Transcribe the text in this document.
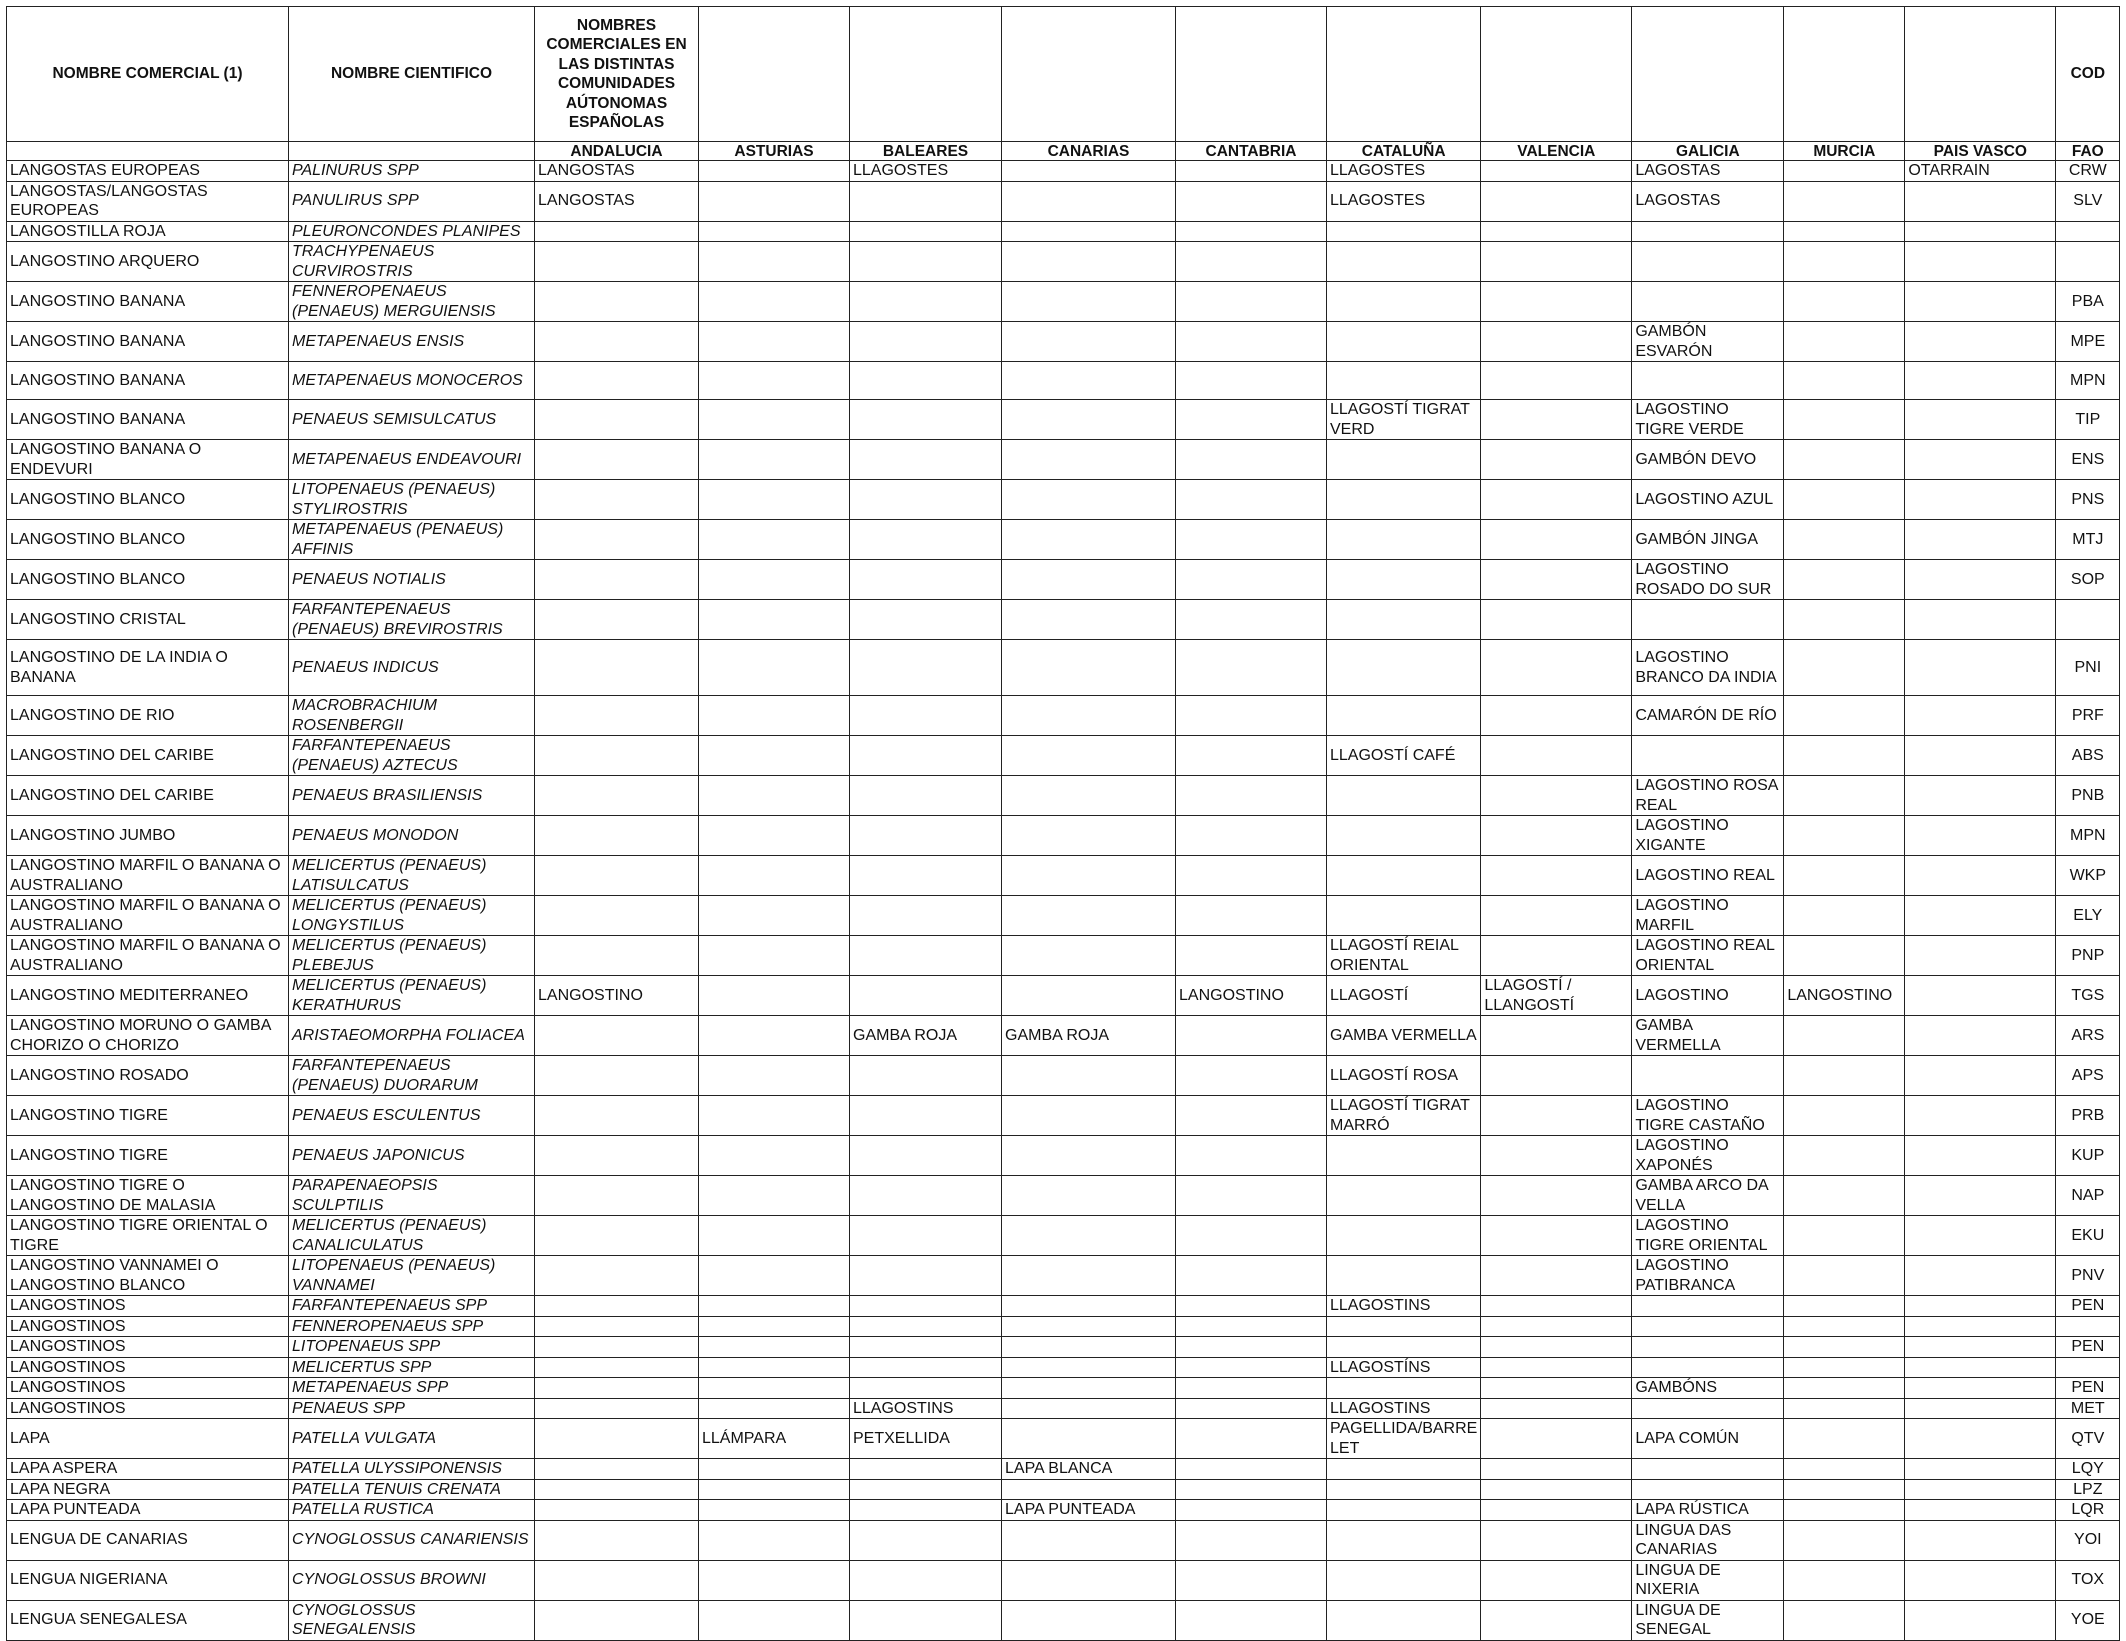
NOMBRE COMERCIAL (1)	NOMBRE CIENTIFICO	NOMBRES COMERCIALES EN LAS DISTINTAS COMUNIDADES AÚTONOMAS ESPAÑOLAS										COD
		ANDALUCIA	ASTURIAS	BALEARES	CANARIAS	CANTABRIA	CATALUÑA	VALENCIA	GALICIA	MURCIA	PAIS VASCO	FAO
LANGOSTAS EUROPEAS	PALINURUS SPP	LANGOSTAS		LLAGOSTES			LLAGOSTES		LAGOSTAS		OTARRAIN	CRW
LANGOSTAS/LANGOSTAS EUROPEAS	PANULIRUS SPP	LANGOSTAS					LLAGOSTES		LAGOSTAS			SLV
LANGOSTILLA ROJA	PLEURONCONDES PLANIPES											
LANGOSTINO ARQUERO	TRACHYPENAEUS CURVIROSTRIS											
LANGOSTINO BANANA	FENNEROPENAEUS (PENAEUS) MERGUIENSIS											PBA
LANGOSTINO BANANA	METAPENAEUS ENSIS								GAMBÓN ESVARÓN			MPE
LANGOSTINO BANANA	METAPENAEUS MONOCEROS											MPN
LANGOSTINO BANANA	PENAEUS SEMISULCATUS						LLAGOSTÍ TIGRAT VERD		LAGOSTINO TIGRE VERDE			TIP
LANGOSTINO BANANA O ENDEVURI	METAPENAEUS ENDEAVOURI								GAMBÓN DEVO			ENS
LANGOSTINO BLANCO	LITOPENAEUS (PENAEUS) STYLIROSTRIS								LAGOSTINO AZUL			PNS
LANGOSTINO BLANCO	METAPENAEUS (PENAEUS) AFFINIS								GAMBÓN JINGA			MTJ
LANGOSTINO BLANCO	PENAEUS NOTIALIS								LAGOSTINO ROSADO DO SUR			SOP
LANGOSTINO CRISTAL	FARFANTEPENAEUS (PENAEUS) BREVIROSTRIS											
LANGOSTINO DE LA INDIA O BANANA	PENAEUS INDICUS								LAGOSTINO BRANCO DA INDIA			PNI
LANGOSTINO DE RIO	MACROBRACHIUM ROSENBERGII								CAMARÓN DE RÍO			PRF
LANGOSTINO DEL CARIBE	FARFANTEPENAEUS (PENAEUS) AZTECUS						LLAGOSTÍ CAFÉ					ABS
LANGOSTINO DEL CARIBE	PENAEUS BRASILIENSIS								LAGOSTINO ROSA REAL			PNB
LANGOSTINO JUMBO	PENAEUS MONODON								LAGOSTINO XIGANTE			MPN
LANGOSTINO MARFIL O BANANA O AUSTRALIANO	MELICERTUS (PENAEUS) LATISULCATUS								LAGOSTINO REAL			WKP
LANGOSTINO MARFIL O BANANA O AUSTRALIANO	MELICERTUS (PENAEUS) LONGYSTILUS								LAGOSTINO MARFIL			ELY
LANGOSTINO MARFIL O BANANA O AUSTRALIANO	MELICERTUS (PENAEUS) PLEBEJUS						LLAGOSTÍ REIAL ORIENTAL		LAGOSTINO REAL ORIENTAL			PNP
LANGOSTINO MEDITERRANEO	MELICERTUS (PENAEUS) KERATHURUS	LANGOSTINO				LANGOSTINO	LLAGOSTÍ	LLAGOSTÍ / LLANGOSTÍ	LAGOSTINO	LANGOSTINO		TGS
LANGOSTINO MORUNO O GAMBA CHORIZO O CHORIZO	ARISTAEOMORPHA FOLIACEA			GAMBA ROJA	GAMBA ROJA		GAMBA VERMELLA		GAMBA VERMELLA			ARS
LANGOSTINO ROSADO	FARFANTEPENAEUS (PENAEUS) DUORARUM						LLAGOSTÍ ROSA					APS
LANGOSTINO TIGRE	PENAEUS ESCULENTUS						LLAGOSTÍ TIGRAT MARRÓ		LAGOSTINO TIGRE CASTAÑO			PRB
LANGOSTINO TIGRE	PENAEUS JAPONICUS								LAGOSTINO XAPONÉS			KUP
LANGOSTINO TIGRE O LANGOSTINO DE MALASIA	PARAPENAEOPSIS SCULPTILIS								GAMBA ARCO DA VELLA			NAP
LANGOSTINO TIGRE ORIENTAL O TIGRE	MELICERTUS (PENAEUS) CANALICULATUS								LAGOSTINO TIGRE ORIENTAL			EKU
LANGOSTINO VANNAMEI O LANGOSTINO BLANCO	LITOPENAEUS (PENAEUS) VANNAMEI								LAGOSTINO PATIBRANCA			PNV
LANGOSTINOS	FARFANTEPENAEUS SPP						LLAGOSTINS					PEN
LANGOSTINOS	FENNEROPENAEUS SPP											
LANGOSTINOS	LITOPENAEUS SPP											PEN
LANGOSTINOS	MELICERTUS SPP						LLAGOSTÍNS					
LANGOSTINOS	METAPENAEUS SPP								GAMBÓNS			PEN
LANGOSTINOS	PENAEUS SPP			LLAGOSTINS			LLAGOSTINS					MET
LAPA	PATELLA VULGATA		LLÁMPARA	PETXELLIDA			PAGELLIDA/BARRE LET		LAPA COMÚN			QTV
LAPA ASPERA	PATELLA ULYSSIPONENSIS				LAPA BLANCA							LQY
LAPA NEGRA	PATELLA TENUIS CRENATA											LPZ
LAPA PUNTEADA	PATELLA RUSTICA				LAPA PUNTEADA				LAPA RÚSTICA			LQR
LENGUA DE CANARIAS	CYNOGLOSSUS CANARIENSIS								LINGUA DAS CANARIAS			YOI
LENGUA NIGERIANA	CYNOGLOSSUS BROWNI								LINGUA DE NIXERIA			TOX
LENGUA SENEGALESA	CYNOGLOSSUS SENEGALENSIS								LINGUA DE SENEGAL			YOE
